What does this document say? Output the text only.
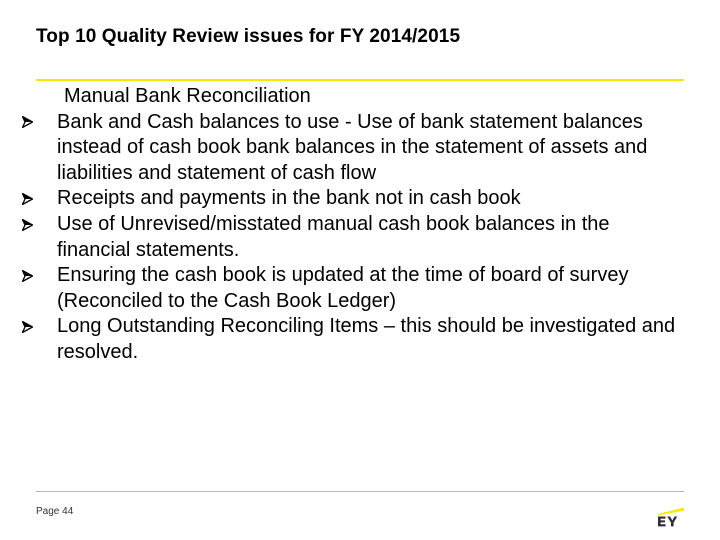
Top 10 Quality Review issues for FY 2014/2015
Manual Bank Reconciliation
Bank and Cash balances to use - Use of bank statement balances instead of cash book bank balances in the statement of assets and liabilities and statement of cash flow
Receipts and payments in the bank not in cash book
Use of Unrevised/misstated manual cash book balances in the financial statements.
Ensuring the cash book is updated at the time of board of survey (Reconciled to the Cash Book Ledger)
Long Outstanding Reconciling Items – this should be investigated and resolved.
Page 44
